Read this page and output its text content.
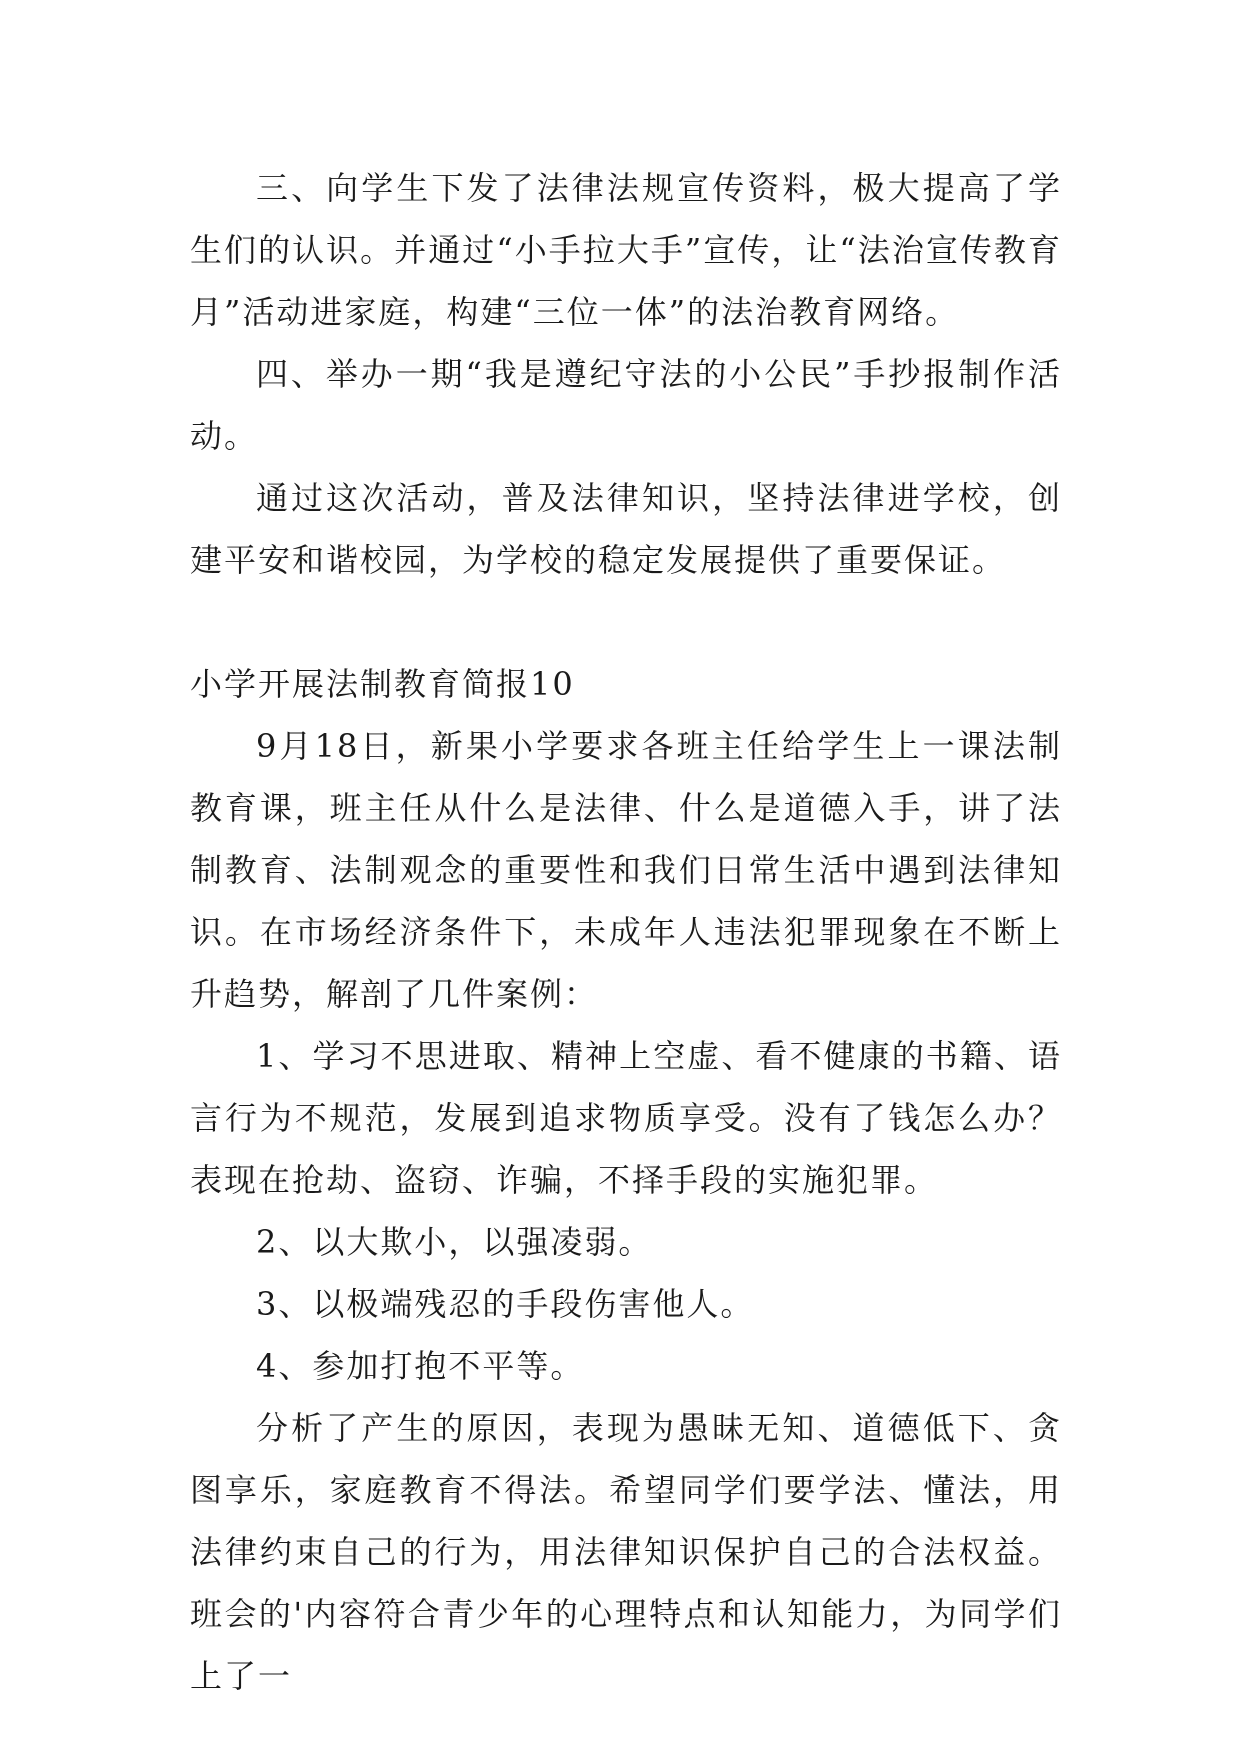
三、向学生下发了法律法规宣传资料，极大提高了学生们的认识。并通过“小手拉大手”宣传，让“法治宣传教育月”活动进家庭，构建“三位一体”的法治教育网络。

四、举办一期“我是遵纪守法的小公民”手抄报制作活动。

通过这次活动，普及法律知识，坚持法律进学校，创建平安和谐校园，为学校的稳定发展提供了重要保证。

小学开展法制教育简报10

9月18日，新果小学要求各班主任给学生上一课法制教育课，班主任从什么是法律、什么是道德入手，讲了法制教育、法制观念的重要性和我们日常生活中遇到法律知识。在市场经济条件下，未成年人违法犯罪现象在不断上升趋势，解剖了几件案例：

1、学习不思进取、精神上空虚、看不健康的书籍、语言行为不规范，发展到追求物质享受。没有了钱怎么办？表现在抢劫、盗窃、诈骗，不择手段的实施犯罪。

2、以大欺小，以强凌弱。

3、以极端残忍的手段伤害他人。

4、参加打抱不平等。

分析了产生的原因，表现为愚昧无知、道德低下、贪图享乐，家庭教育不得法。希望同学们要学法、懂法，用法律约束自己的行为，用法律知识保护自己的合法权益。班会的'内容符合青少年的心理特点和认知能力，为同学们上了一
